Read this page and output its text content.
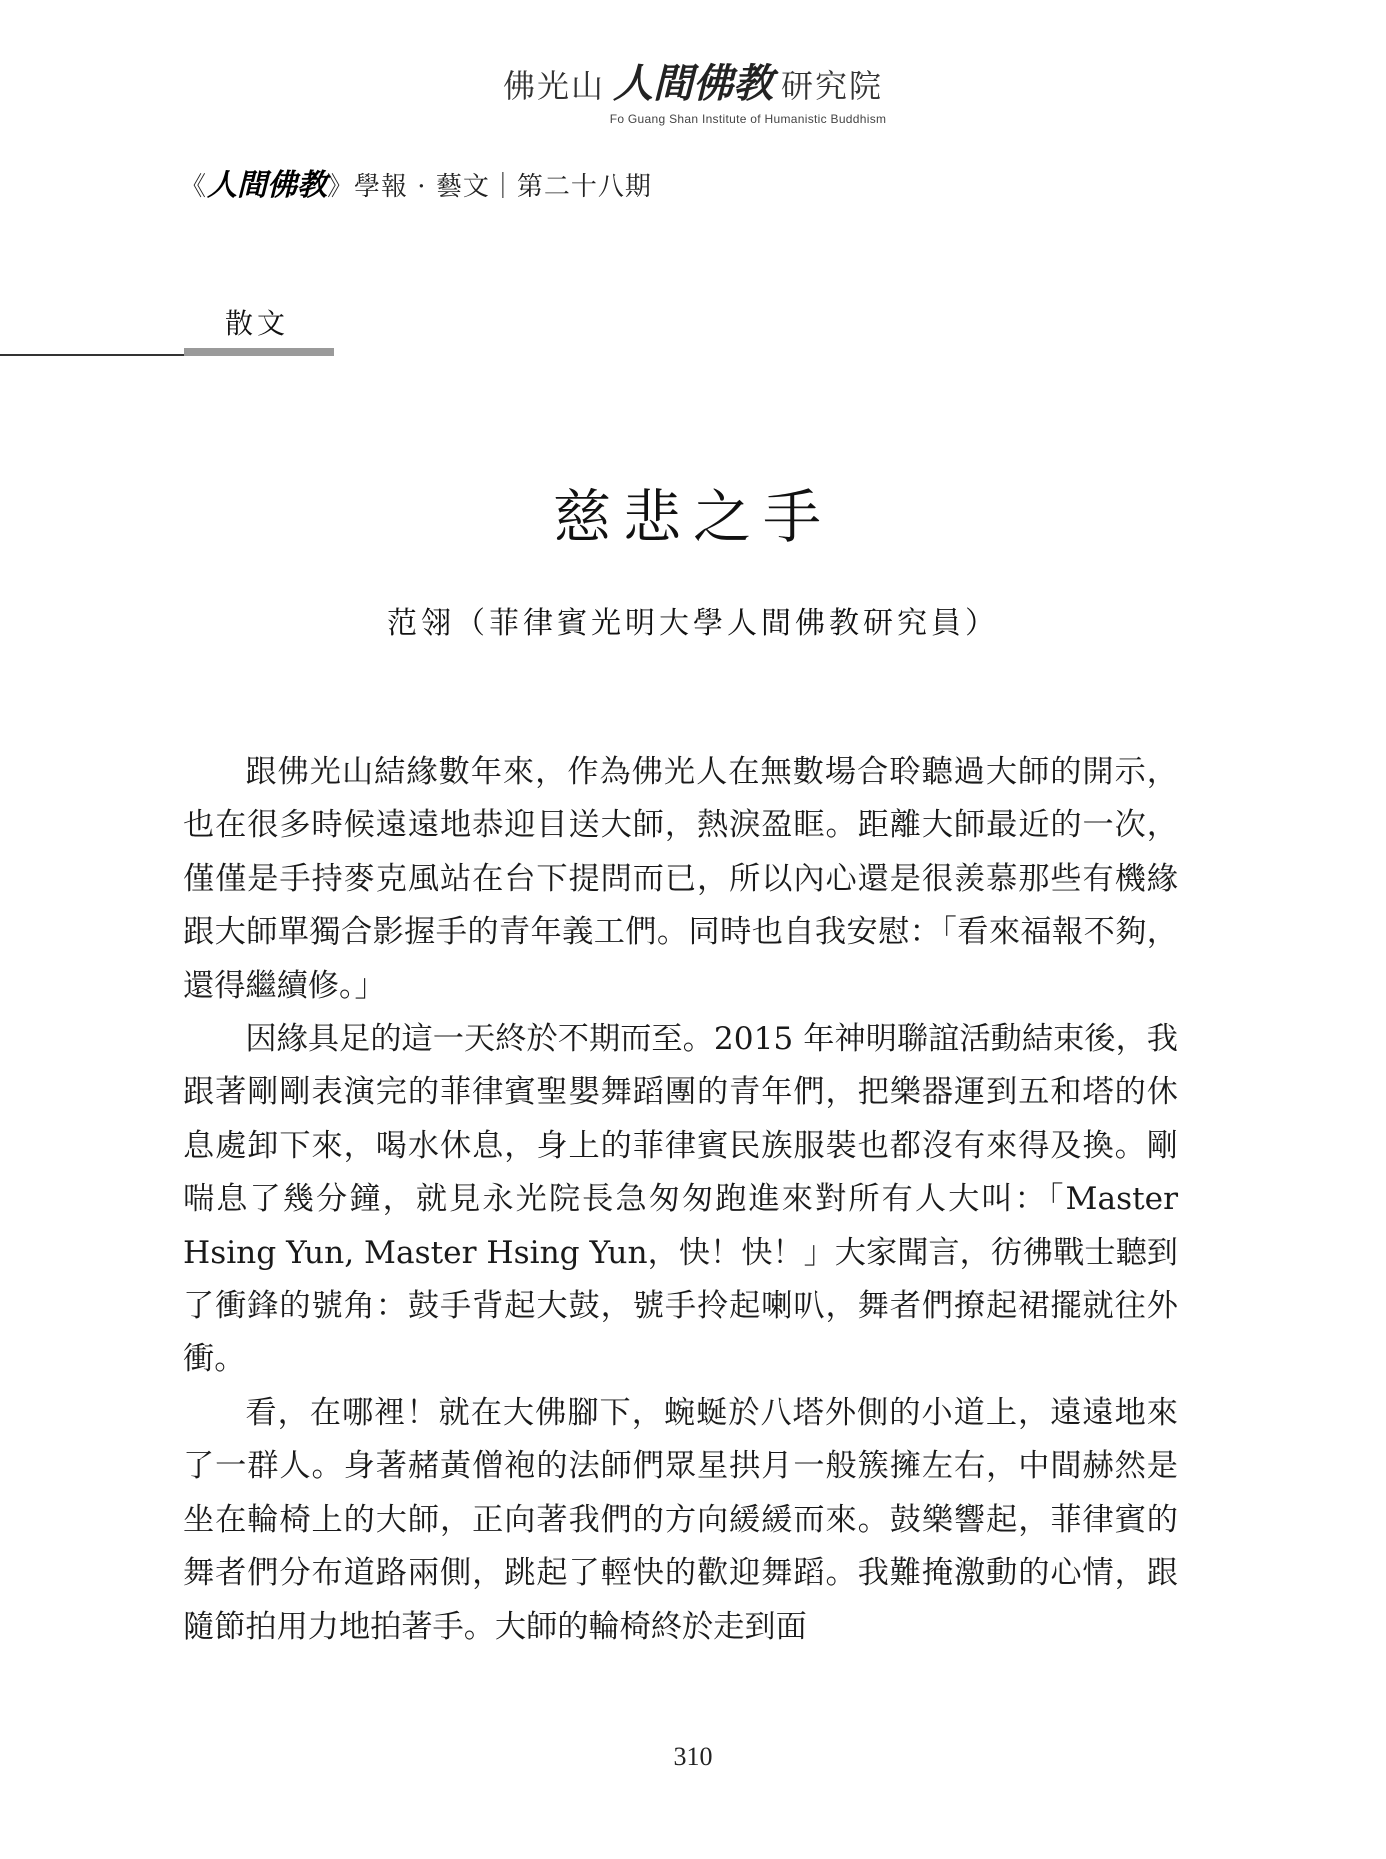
佛光山 人間佛教 研究院
Fo Guang Shan Institute of Humanistic Buddhism
《人間佛教》學報 · 藝文｜第二十八期
散文
慈悲之手
范翎（菲律賓光明大學人間佛教研究員）

跟佛光山結緣數年來，作為佛光人在無數場合聆聽過大師的開示，也在很多時候遠遠地恭迎目送大師，熱淚盈眶。距離大師最近的一次，僅僅是手持麥克風站在台下提問而已，所以內心還是很羨慕那些有機緣跟大師單獨合影握手的青年義工們。同時也自我安慰：「看來福報不夠，還得繼續修。」

因緣具足的這一天終於不期而至。2015 年神明聯誼活動結束後，我跟著剛剛表演完的菲律賓聖嬰舞蹈團的青年們，把樂器運到五和塔的休息處卸下來，喝水休息，身上的菲律賓民族服裝也都沒有來得及換。剛喘息了幾分鐘，就見永光院長急匆匆跑進來對所有人大叫：「Master Hsing Yun, Master Hsing Yun，快！快！」大家聞言，彷彿戰士聽到了衝鋒的號角：鼓手背起大鼓，號手拎起喇叭，舞者們撩起裙擺就往外衝。

看，在哪裡！就在大佛腳下，蜿蜒於八塔外側的小道上，遠遠地來了一群人。身著赭黃僧袍的法師們眾星拱月一般簇擁左右，中間赫然是坐在輪椅上的大師，正向著我們的方向緩緩而來。鼓樂響起，菲律賓的舞者們分布道路兩側，跳起了輕快的歡迎舞蹈。我難掩激動的心情，跟隨節拍用力地拍著手。大師的輪椅終於走到面

310
